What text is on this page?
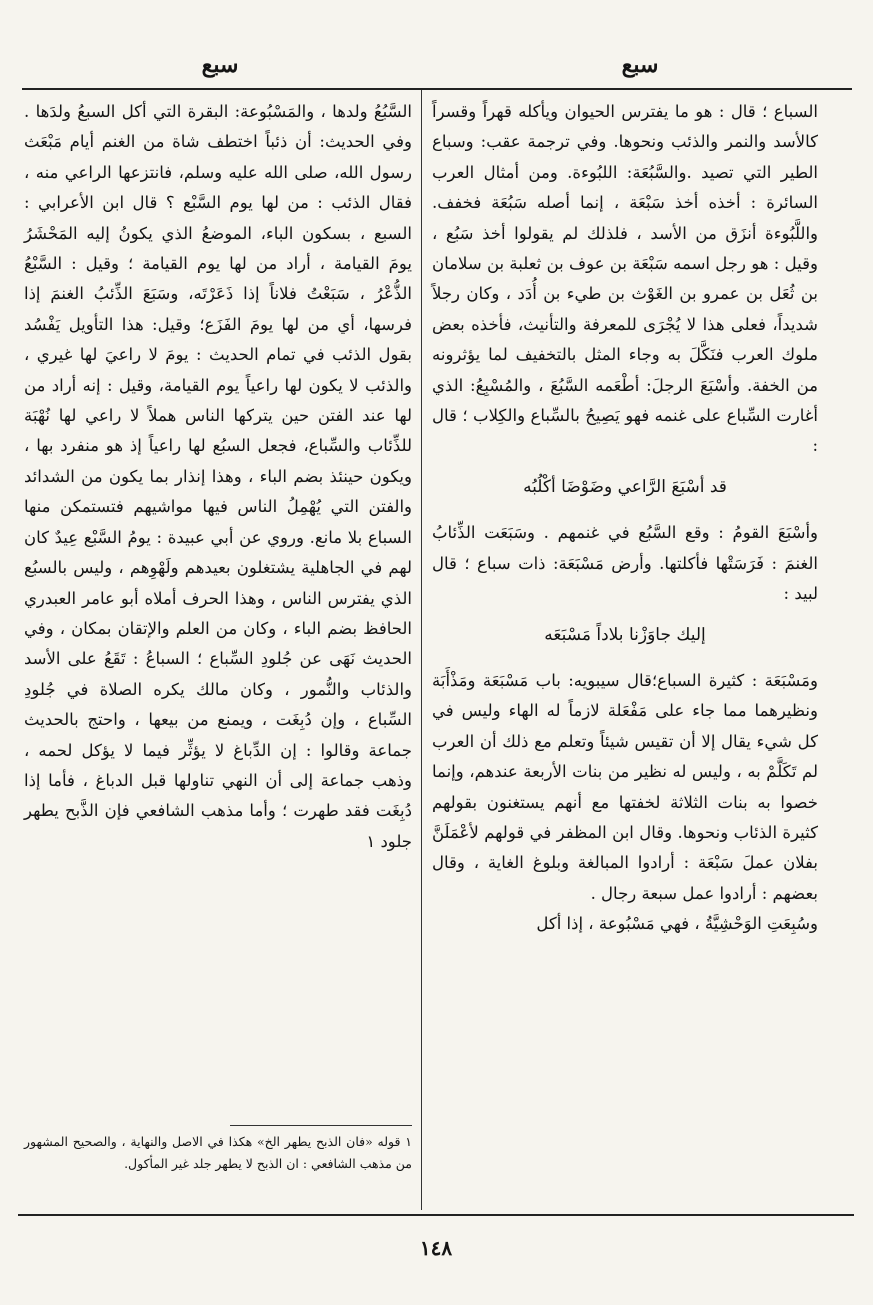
سبع
سبع

السباع ؛ قال : هو ما يفترس الحيوان ويأكله قهراً وقسراً كالأسد والنمر والذئب ونحوها. وفي ترجمة عقب: وسباع الطير التي تصيد .والسَّبُعَة: اللبُوءة. ومن أمثال العرب السائرة : أخذه أخذ سَبْعَة ، إنما أصله سَبُعَة فخفف. واللَّبُوءة أنزَق من الأسد ، فلذلك لم يقولوا أخذ سَبُع ، وقيل : هو رجل اسمه سَبْعَة بن عوف بن ثعلبة بن سلامان بن ثُعَل بن عمرو بن الغَوْث بن طيء بن أُدَد ، وكان رجلاً شديداً، فعلى هذا لا يُجْرَى للمعرفة والتأنيث، فأخذه بعض ملوك العرب فنَكَّلَ به وجاء المثل بالتخفيف لما يؤثرونه من الخفة. وأسْبَعَ الرجلَ: أطْعَمه السَّبُعَ ، والمُسْبِعُ: الذي أغارت السِّباع على غنمه فهو يَصِيحُ بالسِّباع والكِلاب ؛ قال :

قد أسْبَعَ الرَّاعي وضَوْضَا أكْلُبُه

وأسْبَعَ القومُ : وقع السَّبُع في غنمهم . وسَبَعَت الذِّئابُ الغنمَ : فَرَسَتْها فأكلتها. وأرض مَسْبَعَة: ذات سباع ؛ قال لبيد :

إليك جاوَزْنا بلاداً مَسْبَعَه

ومَسْبَعَة : كثيرة السباع؛قال سيبويه: باب مَسْبَعَة ومَذْأَبَة ونظيرهما مما جاء على مَفْعَلة لازماً له الهاء وليس في كل شيء يقال إلا أن تقيس شيئاً وتعلم مع ذلك أن العرب لم تَكَلَّمْ به ، وليس له نظير من بنات الأربعة عندهم، وإنما خصوا به بنات الثلاثة لخفتها مع أنهم يستغنون بقولهم كثيرة الذئاب ونحوها. وقال ابن المظفر في قولهم لأعْمَلَنَّ بفلان عملَ سَبْعَة : أرادوا المبالغة وبلوغ الغاية ، وقال بعضهم : أرادوا عمل سبعة رجال .

وسُبِعَتِ الوَحْشِيَّةُ ، فهي مَسْبُوعة ، إذا أكل

السَّبُعُ ولدها ، والمَسْبُوعة: البقرة التي أكل السبعُ ولدَها . وفي الحديث: أن ذئباً اختطف شاة من الغنم أيام مَبْعَث رسول الله، صلى الله عليه وسلم، فانتزعها الراعي منه ، فقال الذئب : من لها يوم السَّبْع ؟ قال ابن الأعرابي : السبع ، بسكون الباء، الموضعُ الذي يكونُ إليه المَحْشَرُ يومَ القيامة ، أراد من لها يوم القيامة ؛ وقيل : السَّبْعُ الذُّعْرُ ، سَبَعْتُ فلاناً إذا ذَعَرْتَه، وسَبَعَ الذِّئبُ الغنمَ إذا فرسها، أي من لها يومَ الفَزَع؛ وقيل: هذا التأويل يَفْسُد بقول الذئب في تمام الحديث : يومَ لا راعيَ لها غيري ، والذئب لا يكون لها راعياً يوم القيامة، وقيل : إنه أراد من لها عند الفتن حين يتركها الناس هملاً لا راعي لها نُهْبَة للذِّئاب والسِّباع، فجعل السبُع لها راعياً إذ هو منفرد بها ، ويكون حينئذ بضم الباء ، وهذا إنذار بما يكون من الشدائد والفتن التي يُهْمِلُ الناس فيها مواشيهم فتستمكن منها السباع بلا مانع. وروي عن أبي عبيدة : يومُ السَّبْع عِيدٌ كان لهم في الجاهلية يشتغلون بعيدهم ولَهْوِهم ، وليس بالسبُع الذي يفترس الناس ، وهذا الحرف أملاه أبو عامر العبدري الحافظ بضم الباء ، وكان من العلم والإتقان بمكان ، وفي الحديث نَهَى عن جُلودِ السِّباع ؛ السباعُ : تَقَعُ على الأسد والذئاب والنُّمور ، وكان مالك يكره الصلاة في جُلودِ السِّباع ، وإن دُبِغَت ، ويمنع من بيعها ، واحتج بالحديث جماعة وقالوا : إن الدِّباغ لا يؤثِّر فيما لا يؤكل لحمه ، وذهب جماعة إلى أن النهي تناولها قبل الدباغ ، فأما إذا دُبِغَت فقد طهرت ؛ وأما مذهب الشافعي فإن الذَّبح يطهر جلود ١

١ قوله «فان الذبح يطهر الخ» هكذا في الاصل والنهاية ، والصحيح المشهور من مذهب الشافعي : ان الذبح لا يطهر جلد غير المأكول.
١٤٨
